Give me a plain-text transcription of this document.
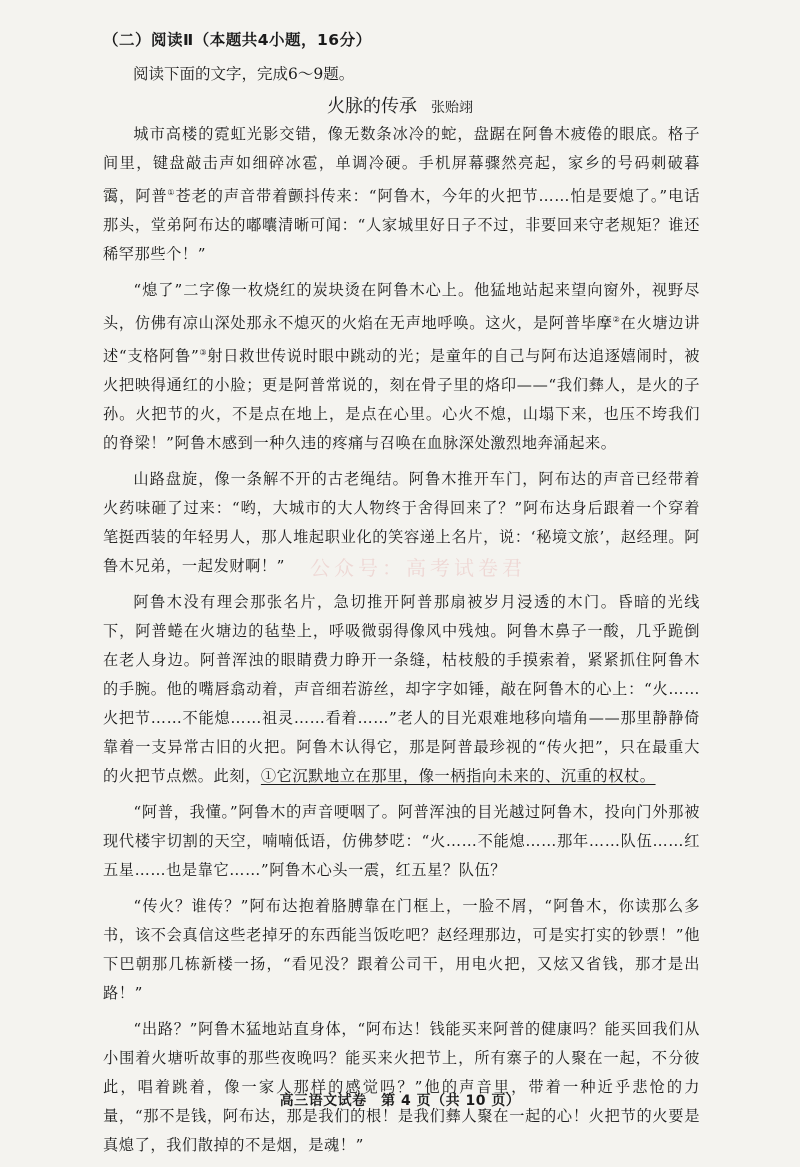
（二）阅读Ⅱ（本题共4小题，16分）
阅读下面的文字，完成6～9题。
火脉的传承 张贻翊

城市高楼的霓虹光影交错，像无数条冰冷的蛇，盘踞在阿鲁木疲倦的眼底。格子间里，键盘敲击声如细碎冰雹，单调冷硬。手机屏幕骤然亮起，家乡的号码刺破暮霭，阿普①苍老的声音带着颤抖传来：“阿鲁木，今年的火把节……怕是要熄了。”电话那头，堂弟阿布达的嘟囔清晰可闻：“人家城里好日子不过，非要回来守老规矩？谁还稀罕那些个！”

“熄了”二字像一枚烧红的炭块烫在阿鲁木心上。他猛地站起来望向窗外，视野尽头，仿佛有凉山深处那永不熄灭的火焰在无声地呼唤。这火，是阿普毕摩②在火塘边讲述“支格阿鲁”③射日救世传说时眼中跳动的光；是童年的自己与阿布达追逐嬉闹时，被火把映得通红的小脸；更是阿普常说的，刻在骨子里的烙印——“我们彝人，是火的子孙。火把节的火，不是点在地上，是点在心里。心火不熄，山塌下来，也压不垮我们的脊梁！”阿鲁木感到一种久违的疼痛与召唤在血脉深处激烈地奔涌起来。

山路盘旋，像一条解不开的古老绳结。阿鲁木推开车门，阿布达的声音已经带着火药味砸了过来：“哟，大城市的大人物终于舍得回来了？”阿布达身后跟着一个穿着笔挺西装的年轻男人，那人堆起职业化的笑容递上名片，说：‘秘境文旅’，赵经理。阿鲁木兄弟，一起发财啊！”

阿鲁木没有理会那张名片，急切推开阿普那扇被岁月浸透的木门。昏暗的光线下，阿普蜷在火塘边的毡垫上，呼吸微弱得像风中残烛。阿鲁木鼻子一酸，几乎跪倒在老人身边。阿普浑浊的眼睛费力睁开一条缝，枯枝般的手摸索着，紧紧抓住阿鲁木的手腕。他的嘴唇翕动着，声音细若游丝，却字字如锤，敲在阿鲁木的心上：“火……火把节……不能熄……祖灵……看着……”老人的目光艰难地移向墙角——那里静静倚靠着一支异常古旧的火把。阿鲁木认得它，那是阿普最珍视的“传火把”，只在最重大的火把节点燃。此刻，①它沉默地立在那里，像一柄指向未来的、沉重的权杖。

“阿普，我懂。”阿鲁木的声音哽咽了。阿普浑浊的目光越过阿鲁木，投向门外那被现代楼宇切割的天空，喃喃低语，仿佛梦呓：“火……不能熄……那年……队伍……红五星……也是靠它……”阿鲁木心头一震，红五星？队伍？

“传火？谁传？”阿布达抱着胳膊靠在门框上，一脸不屑，“阿鲁木，你读那么多书，该不会真信这些老掉牙的东西能当饭吃吧？赵经理那边，可是实打实的钞票！”他下巴朝那几栋新楼一扬，“看见没？跟着公司干，用电火把，又炫又省钱，那才是出路！”

“出路？”阿鲁木猛地站直身体，“阿布达！钱能买来阿普的健康吗？能买回我们从小围着火塘听故事的那些夜晚吗？能买来火把节上，所有寨子的人聚在一起，不分彼此，唱着跳着，像一家人那样的感觉吗？”他的声音里，带着一种近乎悲怆的力量，“那不是钱，阿布达，那是我们的根！是我们彝人聚在一起的心！火把节的火要是真熄了，我们散掉的不是烟，是魂！”

公众号：高考试卷君
高三语文试卷　第 4 页（共 10 页）
